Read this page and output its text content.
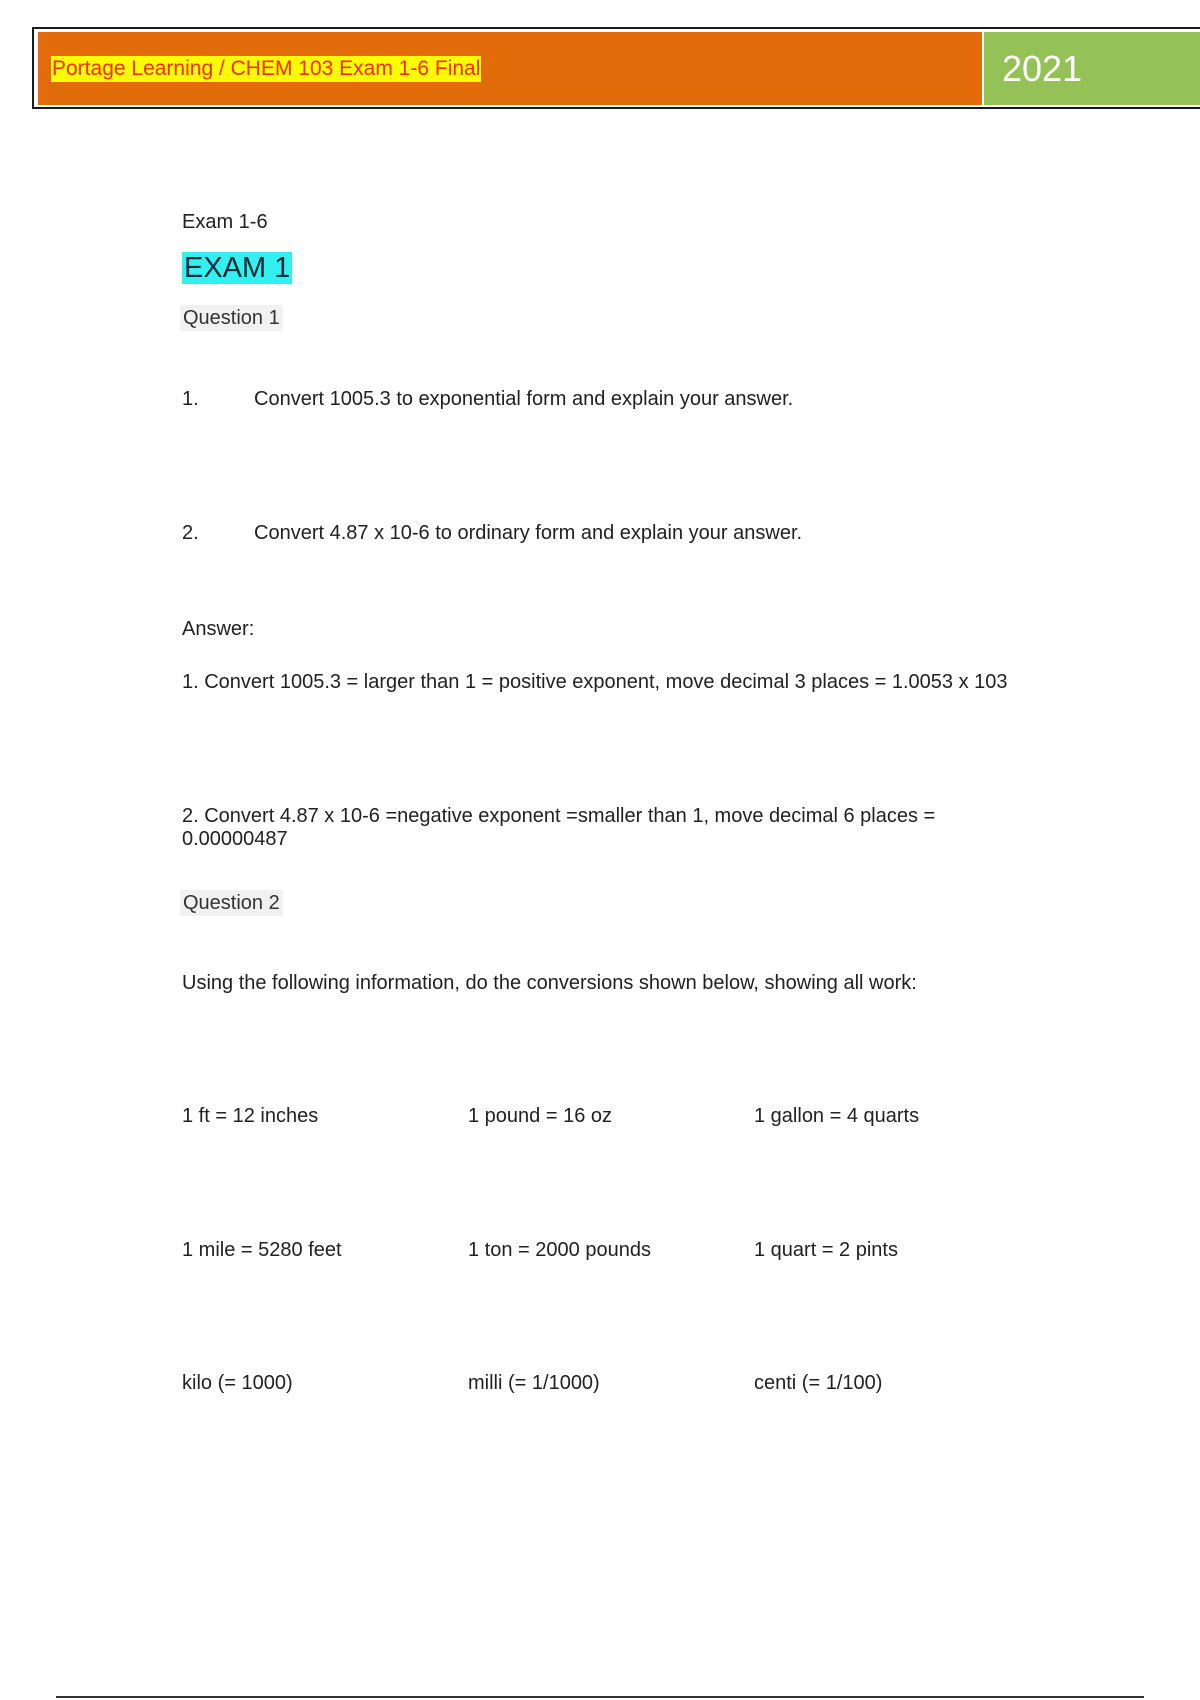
Portage Learning / CHEM 103 Exam 1-6 Final	2021
Exam 1-6
EXAM 1
Question 1
1.	Convert 1005.3 to exponential form and explain your answer.
2.	Convert 4.87 x 10-6 to ordinary form and explain your answer.
Answer:
1. Convert 1005.3 = larger than 1 = positive exponent, move decimal 3 places = 1.0053 x 103
2. Convert 4.87 x 10-6 =negative exponent =smaller than 1, move decimal 6 places = 0.00000487
Question 2
Using the following information, do the conversions shown below, showing all work:
1 ft = 12 inches	1 pound = 16 oz	1 gallon = 4 quarts
1 mile = 5280 feet	1 ton = 2000 pounds	1 quart = 2 pints
kilo (= 1000)	milli (= 1/1000)	centi (= 1/100)
